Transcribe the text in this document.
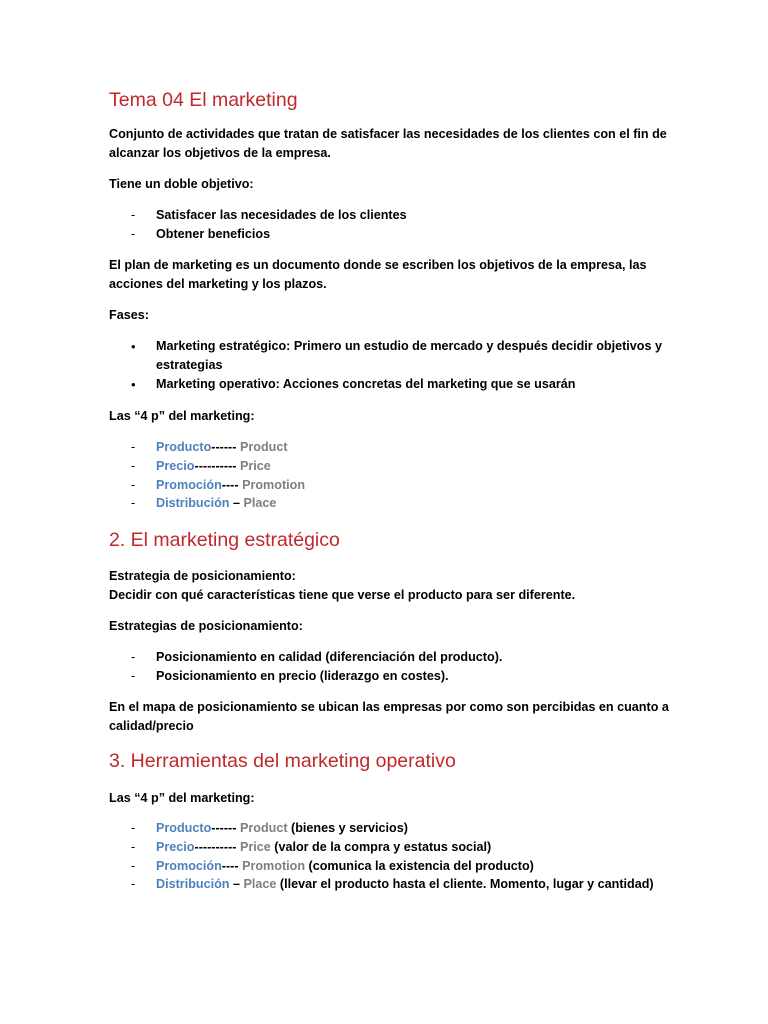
Tema 04 El marketing

Conjunto de actividades que tratan de satisfacer las necesidades de los clientes con el fin de

alcanzar los objetivos de la empresa.

Tiene un doble objetivo:

- Satisfacer las necesidades de los clientes
- Obtener beneficios

El plan de marketing es un documento donde se escriben los objetivos de la empresa, las

acciones del marketing y los plazos.

Fases:

• Marketing estratégico: Primero un estudio de mercado y después decidir objetivos y
estrategias
• Marketing operativo: Acciones concretas del marketing que se usarán

Las “4 p” del marketing:

- Producto------ Product
- Precio---------- Price
- Promoción---- Promotion
- Distribución – Place
2. El marketing estratégico

Estrategia de posicionamiento:

Decidir con qué características tiene que verse el producto para ser diferente.

Estrategias de posicionamiento:

- Posicionamiento en calidad (diferenciación del producto).
- Posicionamiento en precio (liderazgo en costes).

En el mapa de posicionamiento se ubican las empresas por como son percibidas en cuanto a

calidad/precio

3. Herramientas del marketing operativo

Las “4 p” del marketing:

- Producto------ Product (bienes y servicios)
- Precio---------- Price (valor de la compra y estatus social)
- Promoción---- Promotion (comunica la existencia del producto)
- Distribución – Place (llevar el producto hasta el cliente. Momento, lugar y cantidad)
